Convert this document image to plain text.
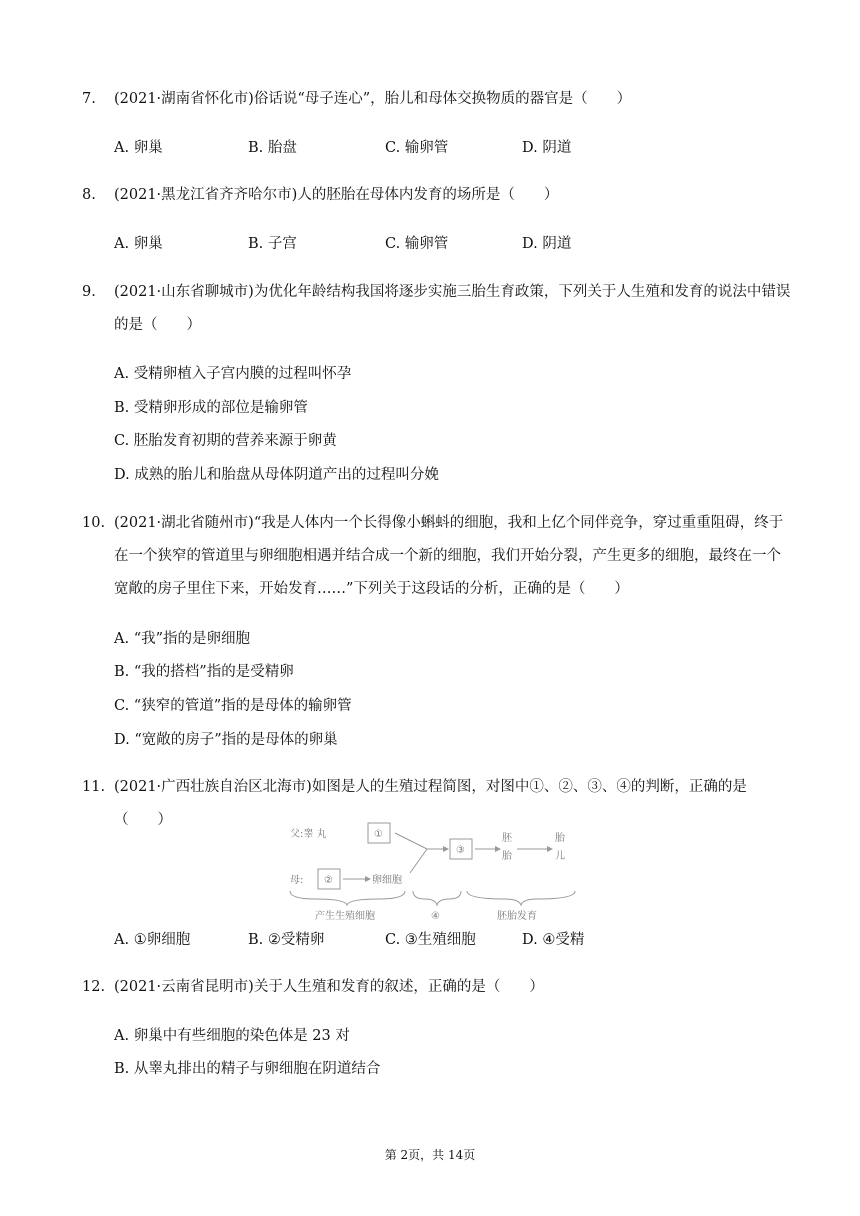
7.	(2021·湖南省怀化市)俗话说“母子连心”，胎儿和母体交换物质的器官是（　　）
A. 卵巢	B. 胎盘	C. 输卵管	D. 阴道
8.	(2021·黑龙江省齐齐哈尔市)人的胚胎在母体内发育的场所是（　　）
A. 卵巢	B. 子宫	C. 输卵管	D. 阴道
9.	(2021·山东省聊城市)为优化年龄结构我国将逐步实施三胎生育政策，下列关于人生殖和发育的说法中错误的是（　　）
A. 受精卵植入子宫内膜的过程叫怀孕
B. 受精卵形成的部位是输卵管
C. 胚胎发育初期的营养来源于卵黄
D. 成熟的胎儿和胎盘从母体阴道产出的过程叫分娩
10. (2021·湖北省随州市)“我是人体内一个长得像小蝌蚪的细胞，我和上亿个同伴竞争，穿过重重阻碍，终于在一个狭窄的管道里与卵细胞相遇并结合成一个新的细胞，我们开始分裂，产生更多的细胞，最终在一个宽敞的房子里住下来，开始发育……”下列关于这段话的分析，正确的是（　　）
A. “我”指的是卵细胞
B. “我的搭档”指的是受精卵
C. “狭窄的管道”指的是母体的输卵管
D. “宽敞的房子”指的是母体的卵巢
11. (2021·广西壮族自治区北海市)如图是人的生殖过程简图，对图中①、②、③、④的判断，正确的是（　　）
父:睾 丸	①
母: ②	卵细胞
③
胚
胎
胎
儿
产生生殖细胞	④	胚胎发育
A. ①卵细胞	B. ②受精卵	C. ③生殖细胞	D. ④受精
12. (2021·云南省昆明市)关于人生殖和发育的叙述，正确的是（　　）
A. 卵巢中有些细胞的染色体是 23 对
B. 从睾丸排出的精子与卵细胞在阴道结合
第 2页，共 14页
